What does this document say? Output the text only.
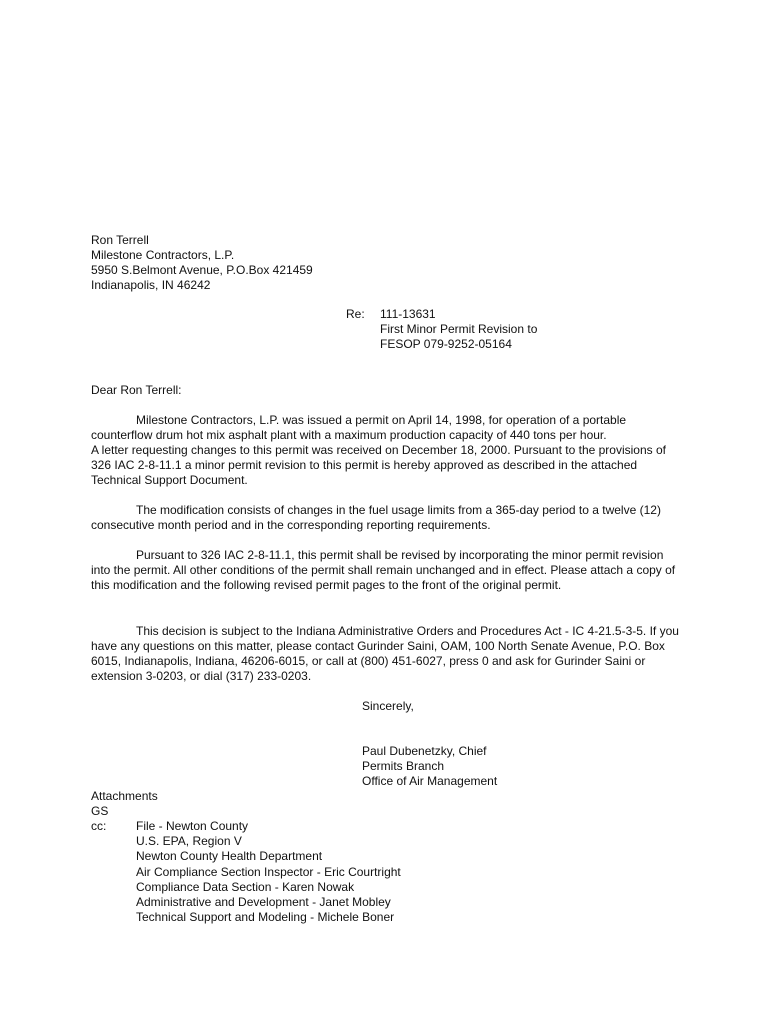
Ron Terrell
Milestone Contractors, L.P.
5950 S.Belmont Avenue, P.O.Box 421459
Indianapolis, IN 46242
Re: 111-13631
First Minor Permit Revision to
FESOP 079-9252-05164
Dear Ron Terrell:

Milestone Contractors, L.P. was issued a permit on April 14, 1998, for operation of a portable counterflow drum hot mix asphalt plant with a maximum production capacity of 440 tons per hour.

A letter requesting changes to this permit was received on December 18, 2000. Pursuant to the provisions of 326 IAC 2-8-11.1 a minor permit revision to this permit is hereby approved as described in the attached Technical Support Document.

The modification consists of changes in the fuel usage limits from a 365-day period to a twelve (12) consecutive month period and in the corresponding reporting requirements.

Pursuant to 326 IAC 2-8-11.1, this permit shall be revised by incorporating the minor permit revision into the permit. All other conditions of the permit shall remain unchanged and in effect. Please attach a copy of this modification and the following revised permit pages to the front of the original permit.

This decision is subject to the Indiana Administrative Orders and Procedures Act - IC 4-21.5-3-5. If you have any questions on this matter, please contact Gurinder Saini, OAM, 100 North Senate Avenue, P.O. Box 6015, Indianapolis, Indiana, 46206-6015, or call at (800) 451-6027, press 0 and ask for Gurinder Saini or extension 3-0203, or dial (317) 233-0203.

Sincerely,
Paul Dubenetzky, Chief
Permits Branch
Office of Air Management
Attachments
GS
cc: File - Newton County
U.S. EPA, Region V
Newton County Health Department
Air Compliance Section Inspector - Eric Courtright
Compliance Data Section - Karen Nowak
Administrative and Development - Janet Mobley
Technical Support and Modeling - Michele Boner
